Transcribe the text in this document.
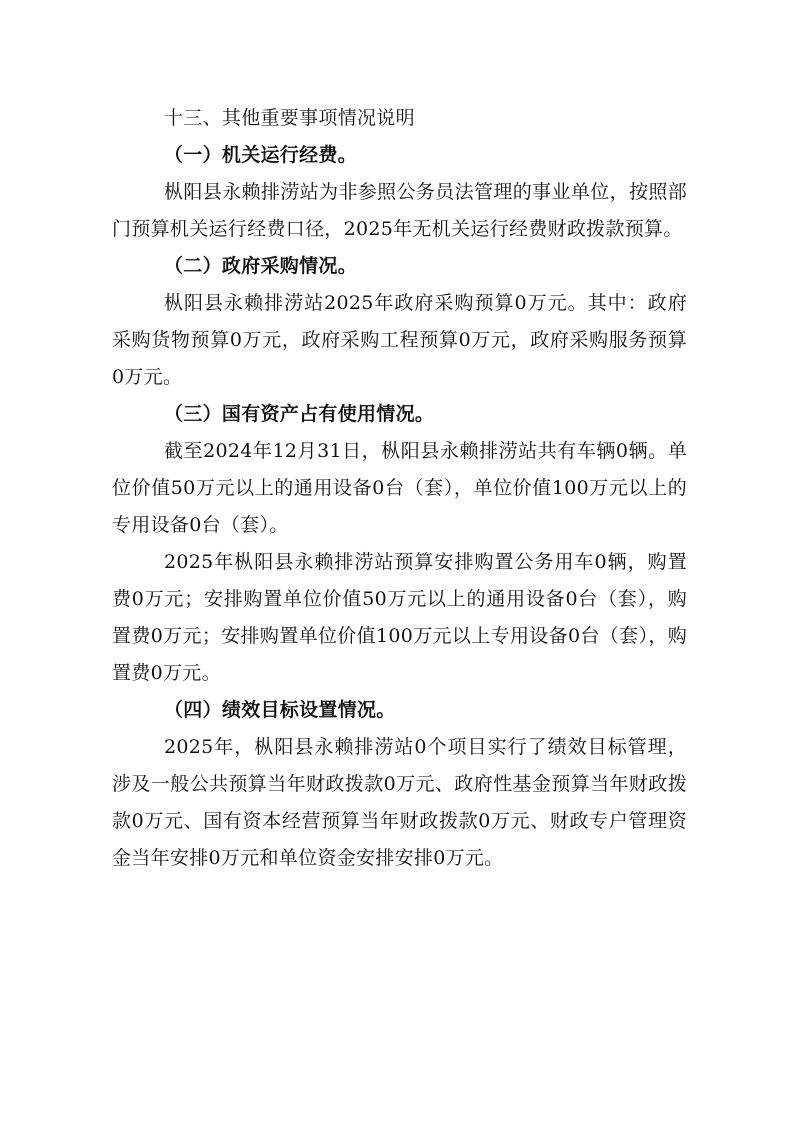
十三、其他重要事项情况说明

（一）机关运行经费。

枞阳县永赖排涝站为非参照公务员法管理的事业单位，按照部门预算机关运行经费口径，2025年无机关运行经费财政拨款预算。

（二）政府采购情况。

枞阳县永赖排涝站2025年政府采购预算0万元。其中：政府采购货物预算0万元，政府采购工程预算0万元，政府采购服务预算0万元。

（三）国有资产占有使用情况。

截至2024年12月31日，枞阳县永赖排涝站共有车辆0辆。单位价值50万元以上的通用设备0台（套），单位价值100万元以上的专用设备0台（套）。

2025年枞阳县永赖排涝站预算安排购置公务用车0辆，购置费0万元；安排购置单位价值50万元以上的通用设备0台（套），购置费0万元；安排购置单位价值100万元以上专用设备0台（套），购置费0万元。

（四）绩效目标设置情况。

2025年，枞阳县永赖排涝站0个项目实行了绩效目标管理，涉及一般公共预算当年财政拨款0万元、政府性基金预算当年财政拨款0万元、国有资本经营预算当年财政拨款0万元、财政专户管理资金当年安排0万元和单位资金安排安排0万元。
